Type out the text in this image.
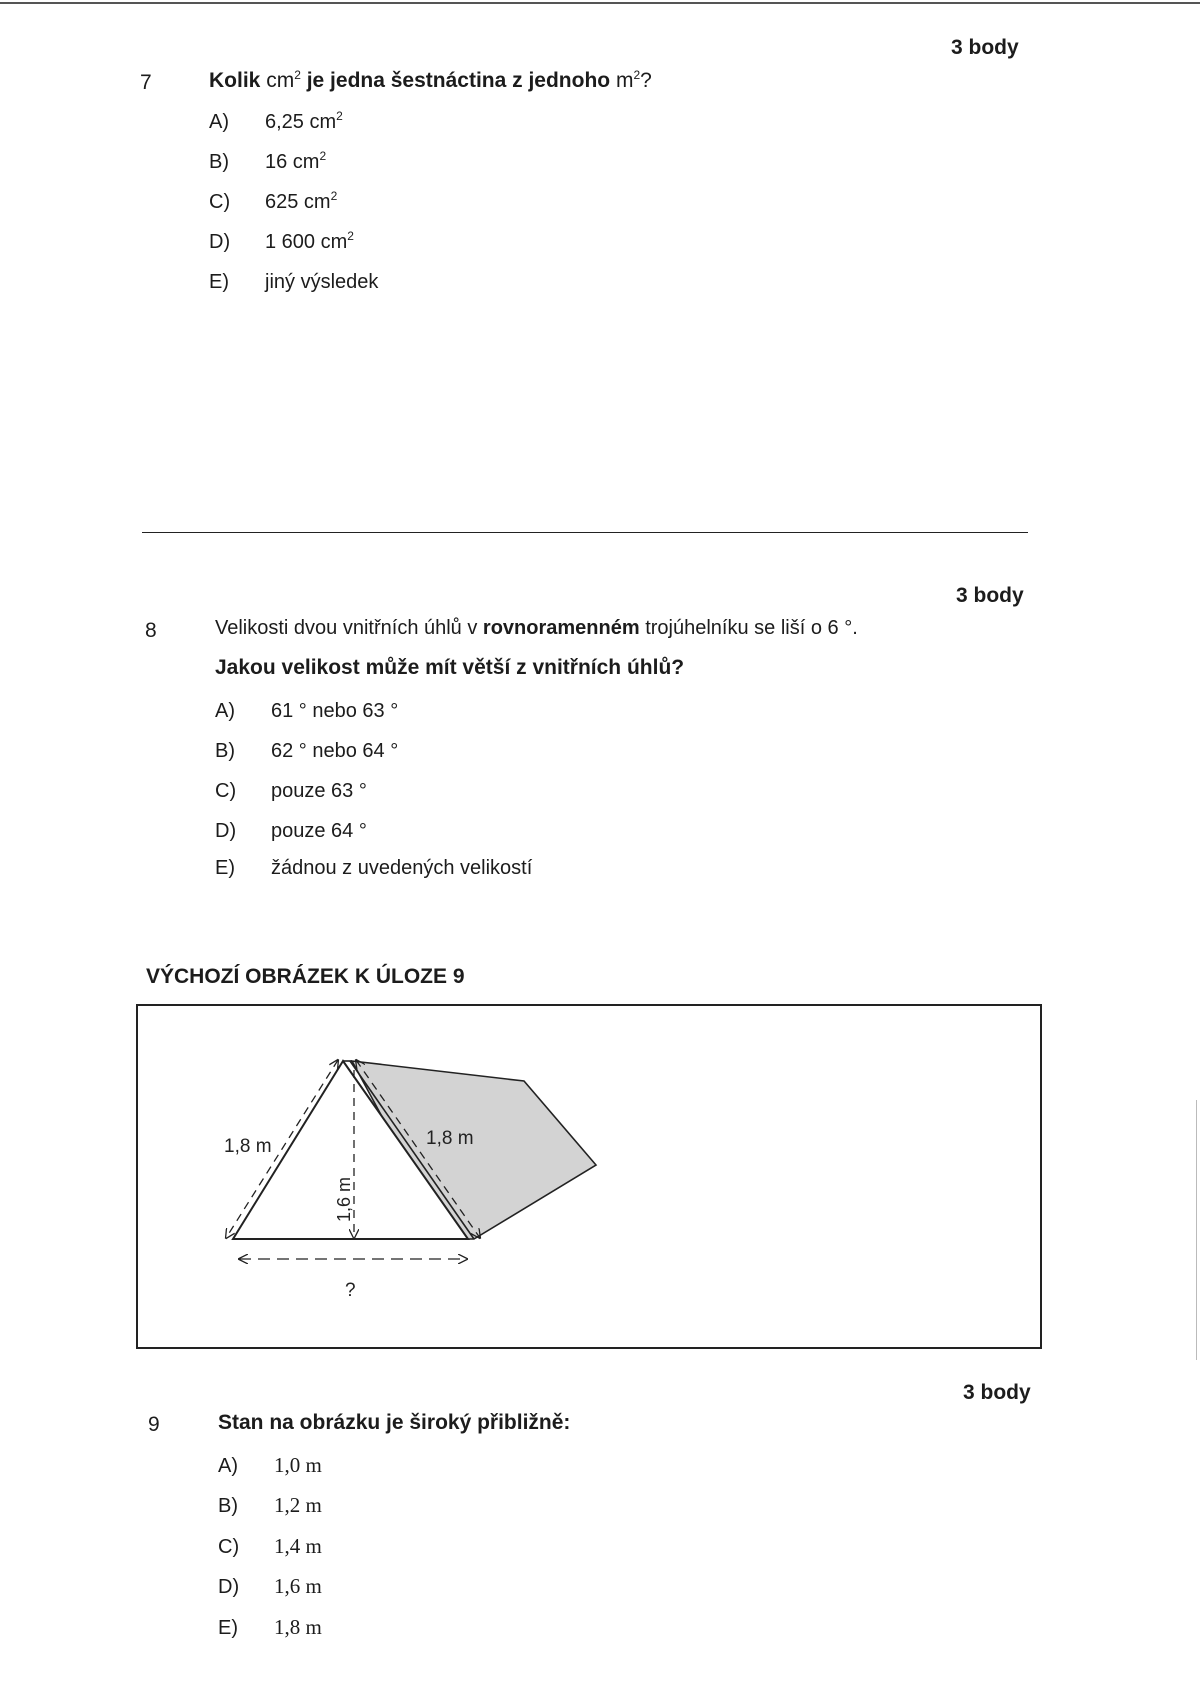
3 body
7	Kolik $cm^2$ je jedna šestnáctina z jednoho $m^2$?
A) 6,25 $cm^2$
B) 16 $cm^2$
C) 625 $cm^2$
D) 1 600 $cm^2$
E) jiný výsledek
3 body
8	Velikosti dvou vnitřních úhlů v rovnoramenném trojúhelníku se liší o 6 °.
Jakou velikost může mít větší z vnitřních úhlů?
A) 61 ° nebo 63 °
B) 62 ° nebo 64 °
C) pouze 63 °
D) pouze 64 °
E) žádnou z uvedených velikostí
VÝCHOZÍ OBRÁZEK K ÚLOZE 9
1,8 m	1,8 m
1,6 m
?
3 body
9	Stan na obrázku je široký přibližně:
A) 1,0 m
B) 1,2 m
C) 1,4 m
D) 1,6 m
E) 1,8 m
